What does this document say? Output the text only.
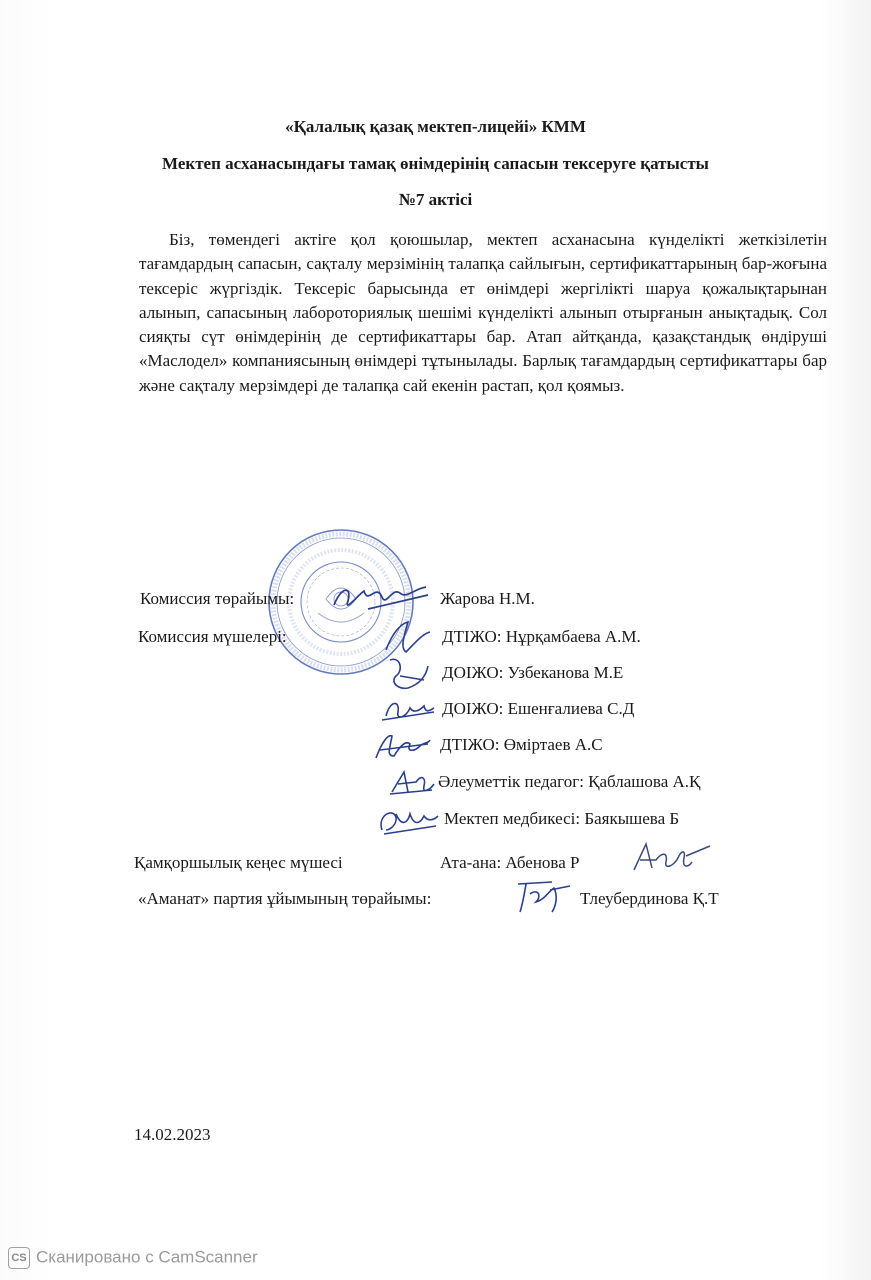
«Қалалық қазақ мектеп-лицейі» КММ
Мектеп асханасындағы тамақ өнімдерінің сапасын тексеруге қатысты
№7 актісі

Біз, төмендегі актіге қол қоюшылар, мектеп асханасына күнделікті жеткізілетін тағамдардың сапасын, сақталу мерзімінің талапқа сайлығын, сертификаттарының бар-жоғына тексеріс жүргіздік. Тексеріс барысында ет өнімдері жергілікті шаруа қожалықтарынан алынып, сапасының лабороториялық шешімі күнделікті алынып отырғанын анықтадық. Сол сияқты сүт өнімдерінің де сертификаттары бар. Атап айтқанда, қазақстандық өндіруші «Маслодел» компаниясының өнімдері тұтынылады. Барлық тағамдардың сертификаттары бар және сақталу мерзімдері де талапқа сай екенін растап, қол қоямыз.

Комиссия төрайымы:	Жарова Н.М.
Комиссия мүшелері:	ДТІЖО: Нұрқамбаева А.М.
ДОІЖО: Узбеканова М.Е
ДОІЖО: Ешенғалиева С.Д
ДТІЖО: Өміртаев А.С
Әлеуметтік педагог: Қаблашова А.Қ
Мектеп медбикесі: Баякышева Б
Қамқоршылық кеңес мүшесі	Ата-ана: Абенова Р
«Аманат» партия ұйымының төрайымы:	Тлеубердинова Қ.Т
14.02.2023
CS Сканировано с CamScanner
